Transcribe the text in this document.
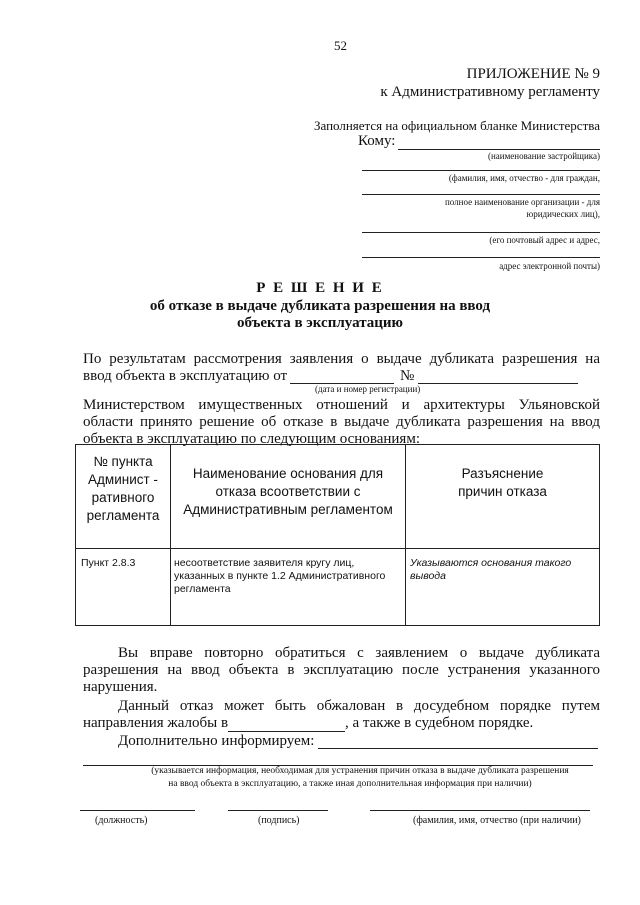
52
ПРИЛОЖЕНИЕ № 9
к Административному регламенту
Заполняется на официальном бланке Министерства
Кому:
(наименование застройщика)
(фамилия, имя, отчество - для граждан,
полное наименование организации - для
юридических лиц),
(его почтовый адрес и адрес,
адрес электронной почты)
Р Е Ш Е Н И Е
об отказе в выдаче дубликата разрешения на ввод
объекта в эксплуатацию
По результатам рассмотрения заявления о выдаче дубликата разрешения на
ввод объекта в эксплуатацию от	№
(дата и номер регистрации)
Министерством имущественных отношений и архитектуры Ульяновской
области принято решение об отказе в выдаче дубликата разрешения на ввод
объекта в эксплуатацию по следующим основаниям:
№ пункта Админист - ративного регламента	Наименование основания для отказа всоответствии с Административным регламентом	Разъяснение причин отказа

Пункт 2.8.3	несоответствие заявителя кругу лиц, указанных в пункте 1.2 Административного регламента	Указываются основания такого вывода
Вы вправе повторно обратиться с заявлением о выдаче дубликата
разрешения на ввод объекта в эксплуатацию после устранения указанного
нарушения.
Данный отказ может быть обжалован в досудебном порядке путем
направления жалобы в	, а также в судебном порядке.
Дополнительно информируем:
(указывается информация, необходимая для устранения причин отказа в выдаче дубликата разрешения
на ввод объекта в эксплуатацию, а также иная дополнительная информация при наличии)
(должность)	(подпись)	(фамилия, имя, отчество (при наличии)
